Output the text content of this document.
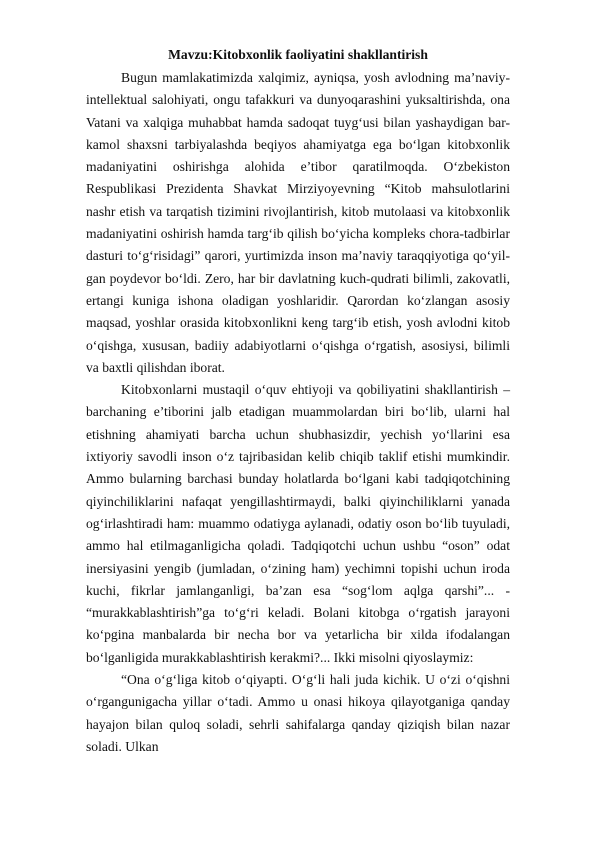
Mavzu:Kitobxonlik faoliyatini shakllantirish

Bugun mamlakatimizda xalqimiz, ayniqsa, yosh avlodning ma’naviy-intellektual salohiyati, ongu tafakkuri va dunyoqarashini yuksaltirishda, ona Vatani va xalqiga muhabbat hamda sadoqat tuygʻusi bilan yashaydigan bar- kamol shaxsni tarbiyalashda beqiyos ahamiyatga ega boʻlgan kitobxonlik madaniyatini oshirishga alohida e’tibor qaratilmoqda. Oʻzbekiston Respublikasi Prezidenta Shavkat Mirziyoyevning “Kitob mahsulotlarini nashr etish va tarqatish tizimini rivojlantirish, kitob mutolaasi va kitobxonlik madaniyatini oshirish hamda targʻib qilish boʻyicha kompleks chora-tadbirlar dasturi toʻgʻrisidagi” qarori, yurtimizda inson ma’naviy taraqqiyotiga qoʻyil- gan poydevor boʻldi. Zero, har bir davlatning kuch-qudrati bilimli, zakovatli, ertangi kuniga ishona oladigan yoshlaridir. Qarordan koʻzlangan asosiy maqsad, yoshlar orasida kitobxonlikni keng targʻib etish, yosh avlodni kitob oʻqishga, xususan, badiiy adabiyotlarni oʻqishga oʻrgatish, asosiysi, bilimli va baxtli qilishdan iborat.

Kitobxonlarni mustaqil oʻquv ehtiyoji va qobiliyatini shakllantirish – barchaning e’tiborini jalb etadigan muammolardan biri boʻlib, ularni hal etishning ahamiyati barcha uchun shubhasizdir, yechish yoʻllarini esa ixtiyoriy savodli inson oʻz tajribasidan kelib chiqib taklif etishi mumkindir. Ammo bularning barchasi bunday holatlarda boʻlgani kabi tadqiqotchining qiyinchiliklarini nafaqat yengillashtirmaydi, balki qiyinchiliklarni yanada ogʻirlashtiradi ham: muammo odatiyga aylanadi, odatiy oson boʻlib tuyuladi, ammo hal etilmaganligicha qoladi. Tadqiqotchi uchun ushbu “oson” odat inersiyasini yengib (jumladan, oʻzining ham) yechimni topishi uchun iroda kuchi, fikrlar jamlanganligi, ba’zan esa “sogʻlom aqlga qarshi”... - “murakkablashtirish”ga toʻgʻri keladi. Bolani kitobga oʻrgatish jarayoni koʻpgina manbalarda bir necha bor va yetarlicha bir xilda ifodalangan boʻlganligida murakkablashtirish kerakmi?... Ikki misolni qiyoslaymiz:

“Ona oʻgʻliga kitob oʻqiyapti. Oʻgʻli hali juda kichik. U oʻzi oʻqishni oʻrgangunigacha yillar oʻtadi. Ammo u onasi hikoya qilayotganiga qanday hayajon bilan quloq soladi, sehrli sahifalarga qanday qiziqish bilan nazar soladi. Ulkan
